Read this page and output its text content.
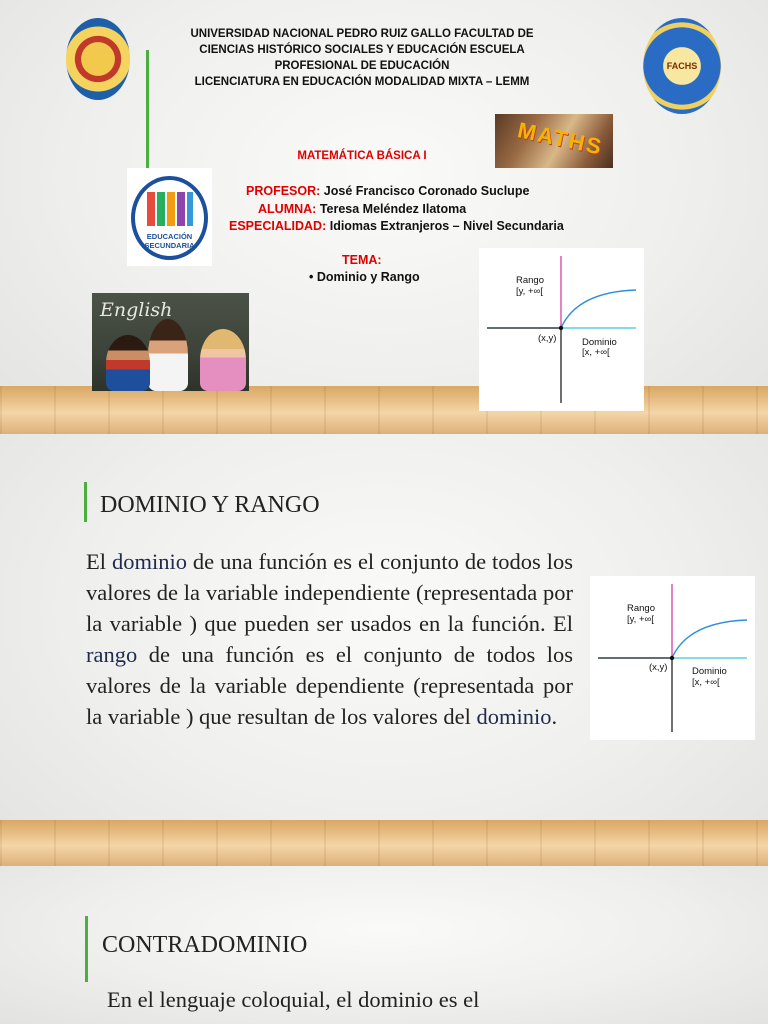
UNIVERSIDAD NACIONAL PEDRO RUIZ GALLO FACULTAD DE
CIENCIAS HISTÓRICO SOCIALES Y EDUCACIÓN ESCUELA
PROFESIONAL DE EDUCACIÓN
LICENCIATURA EN EDUCACIÓN MODALIDAD MIXTA – LEMM
FACHS
MATHS
MATEMÁTICA BÁSICA I
EDUCACIÓN
SECUNDARIA
PROFESOR: José Francisco Coronado Suclupe
ALUMNA: Teresa Meléndez Ilatoma
ESPECIALIDAD: Idiomas Extranjeros – Nivel Secundaria
TEMA:
• Dominio y Rango
English
Rango
[y, +∞[
(x,y)	Dominio
[x, +∞[
DOMINIO Y RANGO
El dominio de una función es el conjunto de todos los valores de la variable independiente (representada por la variable ) que pueden ser usados en la función. El rango de una función es el conjunto de todos los valores de la variable dependiente (representada por la variable ) que resultan de los valores del dominio.
Rango
[y, +∞[
(x,y)	Dominio
[x, +∞[
CONTRADOMINIO
En el lenguaje coloquial, el dominio es el
